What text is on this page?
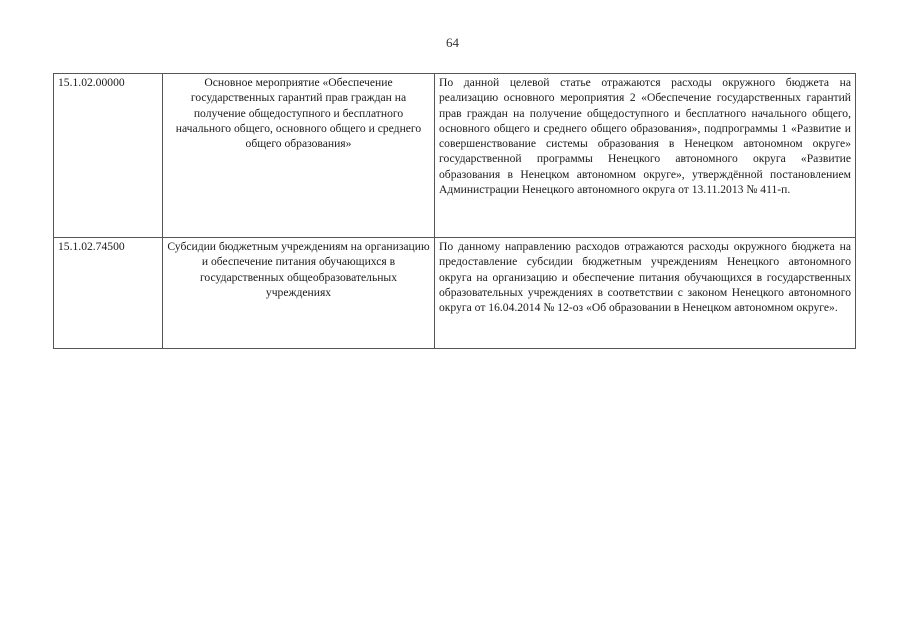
64
15.1.02.00000	Основное мероприятие «Обеспечение государственных гарантий прав граждан на получение общедоступного и бесплатного начального общего, основного общего и среднего общего образования»	По данной целевой статье отражаются расходы окружного бюджета на реализацию основного мероприятия 2 «Обеспечение государственных гарантий прав граждан на получение общедоступного и бесплатного начального общего, основного общего и среднего общего образования», подпрограммы 1 «Развитие и совершенствование системы образования в Ненецком автономном округе» государственной программы Ненецкого автономного округа «Развитие образования в Ненецком автономном округе», утверждённой постановлением Администрации Ненецкого автономного округа от 13.11.2013 № 411-п.
15.1.02.74500	Субсидии бюджетным учреждениям на организацию и обеспечение питания обучающихся в государственных общеобразовательных учреждениях	По данному направлению расходов отражаются расходы окружного бюджета на предоставление субсидии бюджетным учреждениям Ненецкого автономного округа на организацию и обеспечение питания обучающихся в государственных образовательных учреждениях в соответствии с законом Ненецкого автономного округа от 16.04.2014 № 12-оз «Об образовании в Ненецком автономном округе».
